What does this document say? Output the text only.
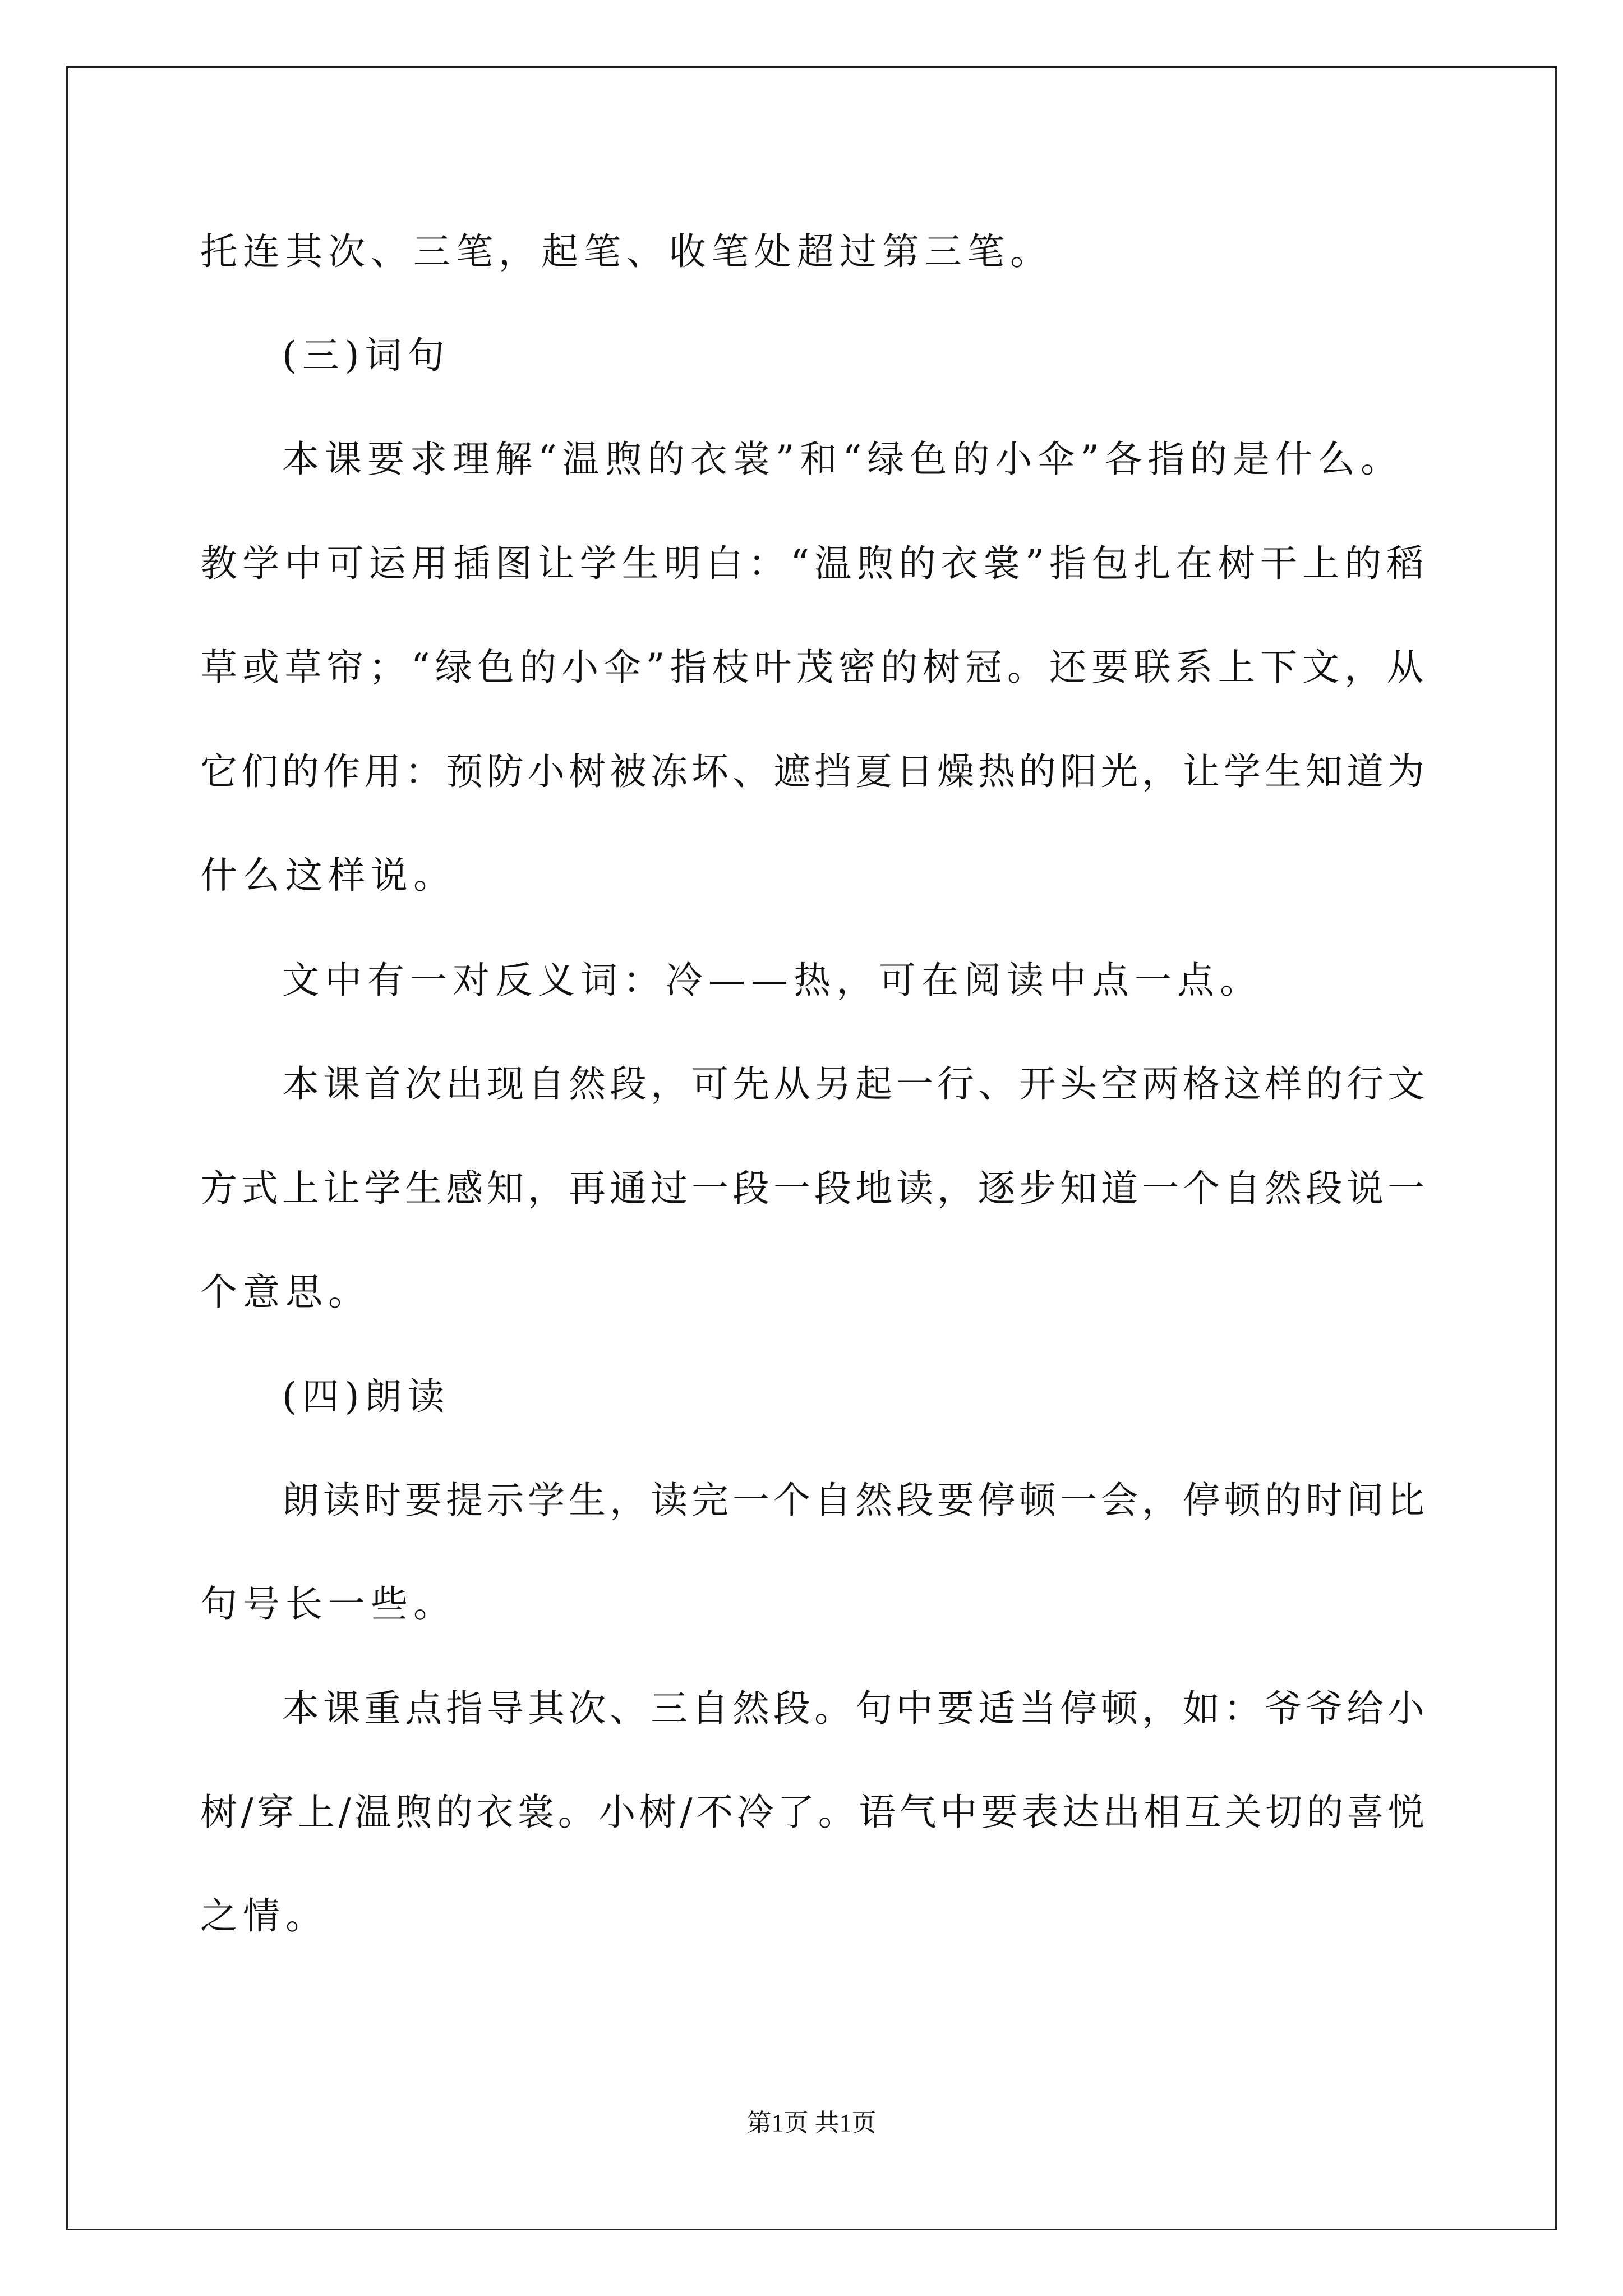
托连其次、三笔，起笔、收笔处超过第三笔。
(三)词句
本课要求理解“温煦的衣裳”和“绿色的小伞”各指的是什么。
教学中可运用插图让学生明白：“温煦的衣裳”指包扎在树干上的稻
草或草帘；“绿色的小伞”指枝叶茂密的树冠。还要联系上下文，从
它们的作用：预防小树被冻坏、遮挡夏日燥热的阳光，让学生知道为
什么这样说。
文中有一对反义词：冷——热，可在阅读中点一点。
本课首次出现自然段，可先从另起一行、开头空两格这样的行文
方式上让学生感知，再通过一段一段地读，逐步知道一个自然段说一
个意思。
(四)朗读
朗读时要提示学生，读完一个自然段要停顿一会，停顿的时间比
句号长一些。
本课重点指导其次、三自然段。句中要适当停顿，如：爷爷给小
树/穿上/温煦的衣裳。小树/不冷了。语气中要表达出相互关切的喜悦
之情。
第1页 共1页
